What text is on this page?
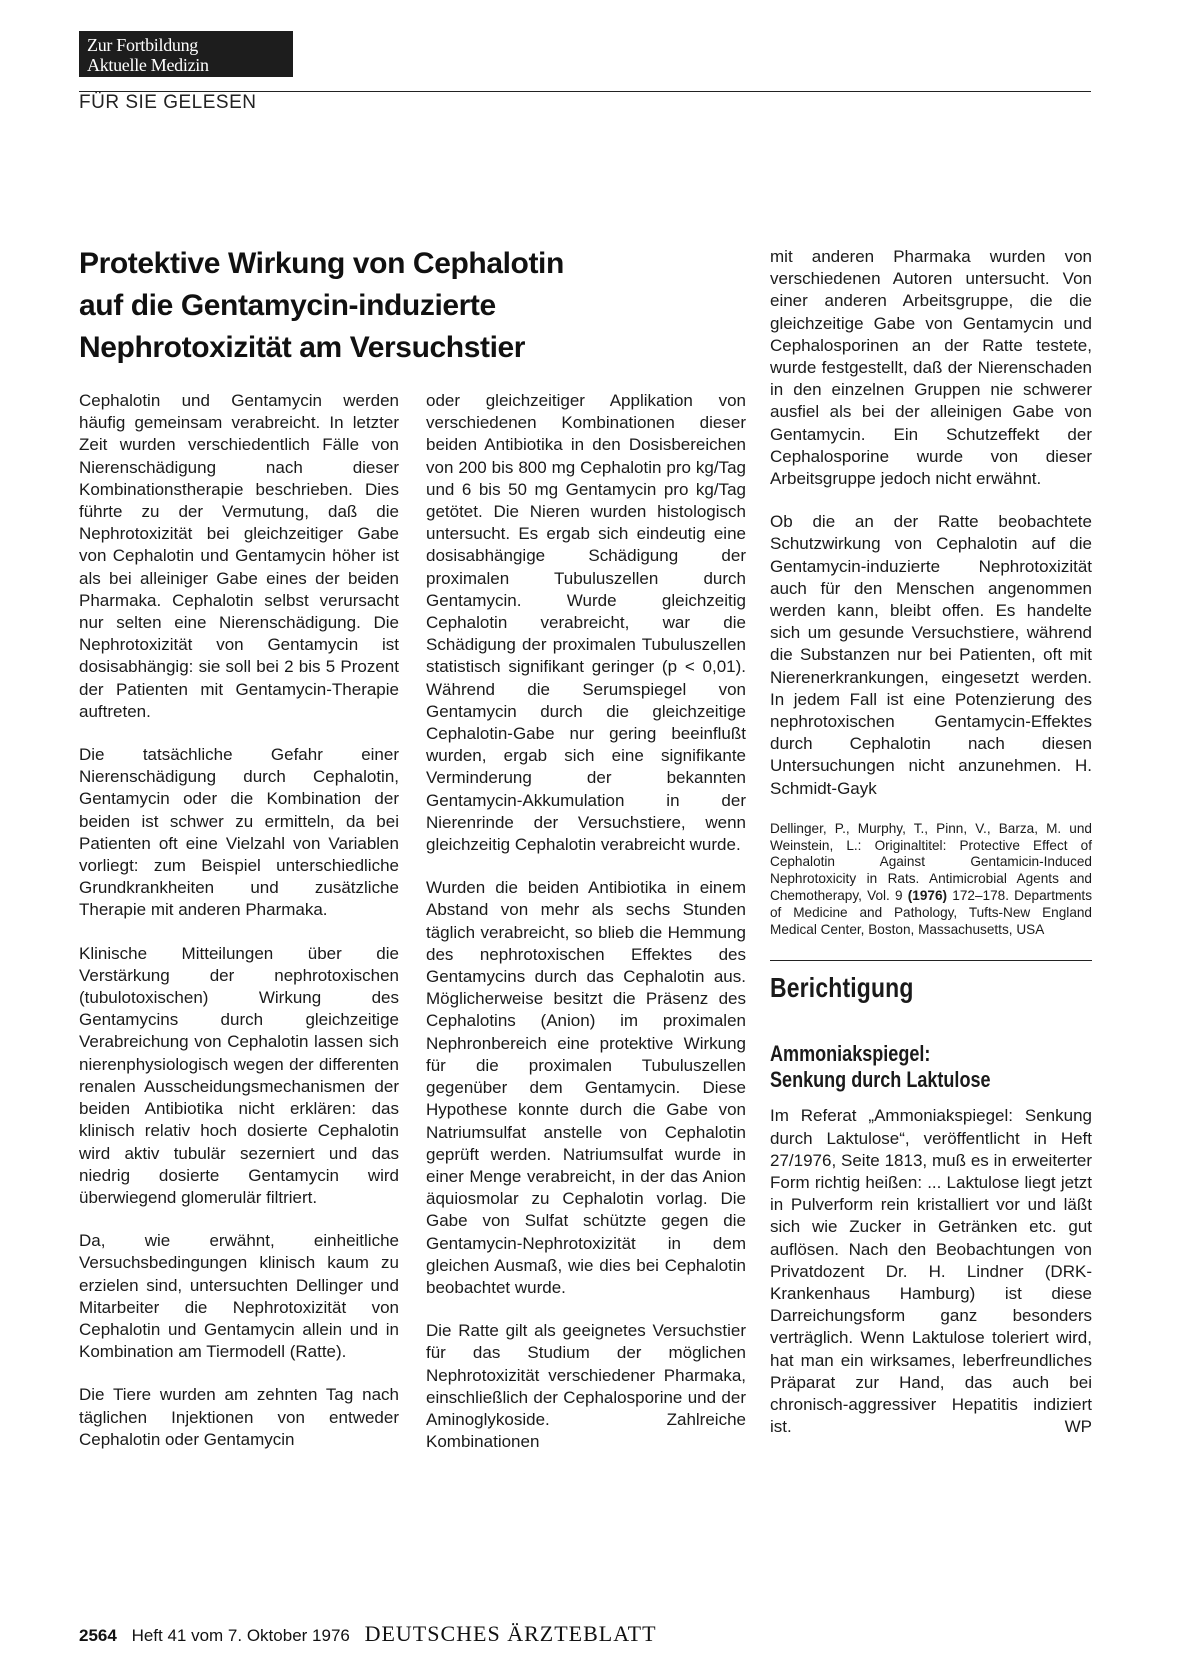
Zur Fortbildung
Aktuelle Medizin
FÜR SIE GELESEN
Protektive Wirkung von Cephalotin
auf die Gentamycin-induzierte
Nephrotoxizität am Versuchstier

Cephalotin und Gentamycin werden häufig gemeinsam verabreicht. In letzter Zeit wurden verschiedentlich Fälle von Nierenschädigung nach dieser Kombinationstherapie beschrieben. Dies führte zu der Vermutung, daß die Nephrotoxizität bei gleichzeitiger Gabe von Cephalotin und Gentamycin höher ist als bei alleiniger Gabe eines der beiden Pharmaka. Cephalotin selbst verursacht nur selten eine Nierenschädigung. Die Nephrotoxizität von Gentamycin ist dosisabhängig: sie soll bei 2 bis 5 Prozent der Patienten mit Gentamycin-Therapie auftreten.

Die tatsächliche Gefahr einer Nierenschädigung durch Cephalotin, Gentamycin oder die Kombination der beiden ist schwer zu ermitteln, da bei Patienten oft eine Vielzahl von Variablen vorliegt: zum Beispiel unterschiedliche Grundkrankheiten und zusätzliche Therapie mit anderen Pharmaka.

Klinische Mitteilungen über die Verstärkung der nephrotoxischen (tubulotoxischen) Wirkung des Gentamycins durch gleichzeitige Verabreichung von Cephalotin lassen sich nierenphysiologisch wegen der differenten renalen Ausscheidungsmechanismen der beiden Antibiotika nicht erklären: das klinisch relativ hoch dosierte Cephalotin wird aktiv tubulär sezerniert und das niedrig dosierte Gentamycin wird überwiegend glomerulär filtriert.

Da, wie erwähnt, einheitliche Versuchsbedingungen klinisch kaum zu erzielen sind, untersuchten Dellinger und Mitarbeiter die Nephrotoxizität von Cephalotin und Gentamycin allein und in Kombination am Tiermodell (Ratte).

Die Tiere wurden am zehnten Tag nach täglichen Injektionen von entweder Cephalotin oder Gentamycin

oder gleichzeitiger Applikation von verschiedenen Kombinationen dieser beiden Antibiotika in den Dosisbereichen von 200 bis 800 mg Cephalotin pro kg/Tag und 6 bis 50 mg Gentamycin pro kg/Tag getötet. Die Nieren wurden histologisch untersucht. Es ergab sich eindeutig eine dosisabhängige Schädigung der proximalen Tubuluszellen durch Gentamycin. Wurde gleichzeitig Cephalotin verabreicht, war die Schädigung der proximalen Tubuluszellen statistisch signifikant geringer (p < 0,01). Während die Serumspiegel von Gentamycin durch die gleichzeitige Cephalotin-Gabe nur gering beeinflußt wurden, ergab sich eine signifikante Verminderung der bekannten Gentamycin-Akkumulation in der Nierenrinde der Versuchstiere, wenn gleichzeitig Cephalotin verabreicht wurde.

Wurden die beiden Antibiotika in einem Abstand von mehr als sechs Stunden täglich verabreicht, so blieb die Hemmung des nephrotoxischen Effektes des Gentamycins durch das Cephalotin aus. Möglicherweise besitzt die Präsenz des Cephalotins (Anion) im proximalen Nephronbereich eine protektive Wirkung für die proximalen Tubuluszellen gegenüber dem Gentamycin. Diese Hypothese konnte durch die Gabe von Natriumsulfat anstelle von Cephalotin geprüft werden. Natriumsulfat wurde in einer Menge verabreicht, in der das Anion äquiosmolar zu Cephalotin vorlag. Die Gabe von Sulfat schützte gegen die Gentamycin-Nephrotoxizität in dem gleichen Ausmaß, wie dies bei Cephalotin beobachtet wurde.

Die Ratte gilt als geeignetes Versuchstier für das Studium der möglichen Nephrotoxizität verschiedener Pharmaka, einschließlich der Cephalosporine und der Aminoglykoside. Zahlreiche Kombinationen

mit anderen Pharmaka wurden von verschiedenen Autoren untersucht. Von einer anderen Arbeitsgruppe, die die gleichzeitige Gabe von Gentamycin und Cephalosporinen an der Ratte testete, wurde festgestellt, daß der Nierenschaden in den einzelnen Gruppen nie schwerer ausfiel als bei der alleinigen Gabe von Gentamycin. Ein Schutzeffekt der Cephalosporine wurde von dieser Arbeitsgruppe jedoch nicht erwähnt.

Ob die an der Ratte beobachtete Schutzwirkung von Cephalotin auf die Gentamycin-induzierte Nephrotoxizität auch für den Menschen angenommen werden kann, bleibt offen. Es handelte sich um gesunde Versuchstiere, während die Substanzen nur bei Patienten, oft mit Nierenerkrankungen, eingesetzt werden. In jedem Fall ist eine Potenzierung des nephrotoxischen Gentamycin-Effektes durch Cephalotin nach diesen Untersuchungen nicht anzunehmen. H. Schmidt-Gayk

Dellinger, P., Murphy, T., Pinn, V., Barza, M. und Weinstein, L.: Originaltitel: Protective Effect of Cephalotin Against Gentamicin-Induced Nephrotoxicity in Rats. Antimicrobial Agents and Chemotherapy, Vol. 9 (1976) 172–178. Departments of Medicine and Pathology, Tufts-New England Medical Center, Boston, Massachusetts, USA
Berichtigung
Ammoniakspiegel:
Senkung durch Laktulose

Im Referat „Ammoniakspiegel: Senkung durch Laktulose“, veröffentlicht in Heft 27/1976, Seite 1813, muß es in erweiterter Form richtig heißen: ... Laktulose liegt jetzt in Pulverform rein kristalliert vor und läßt sich wie Zucker in Getränken etc. gut auflösen. Nach den Beobachtungen von Privatdozent Dr. H. Lindner (DRK-Krankenhaus Hamburg) ist diese Darreichungsform ganz besonders verträglich. Wenn Laktulose toleriert wird, hat man ein wirksames, leberfreundliches Präparat zur Hand, das auch bei chronisch-aggressiver Hepatitis indiziert ist.	WP

2564 Heft 41 vom 7. Oktober 1976 DEUTSCHES ÄRZTEBLATT
